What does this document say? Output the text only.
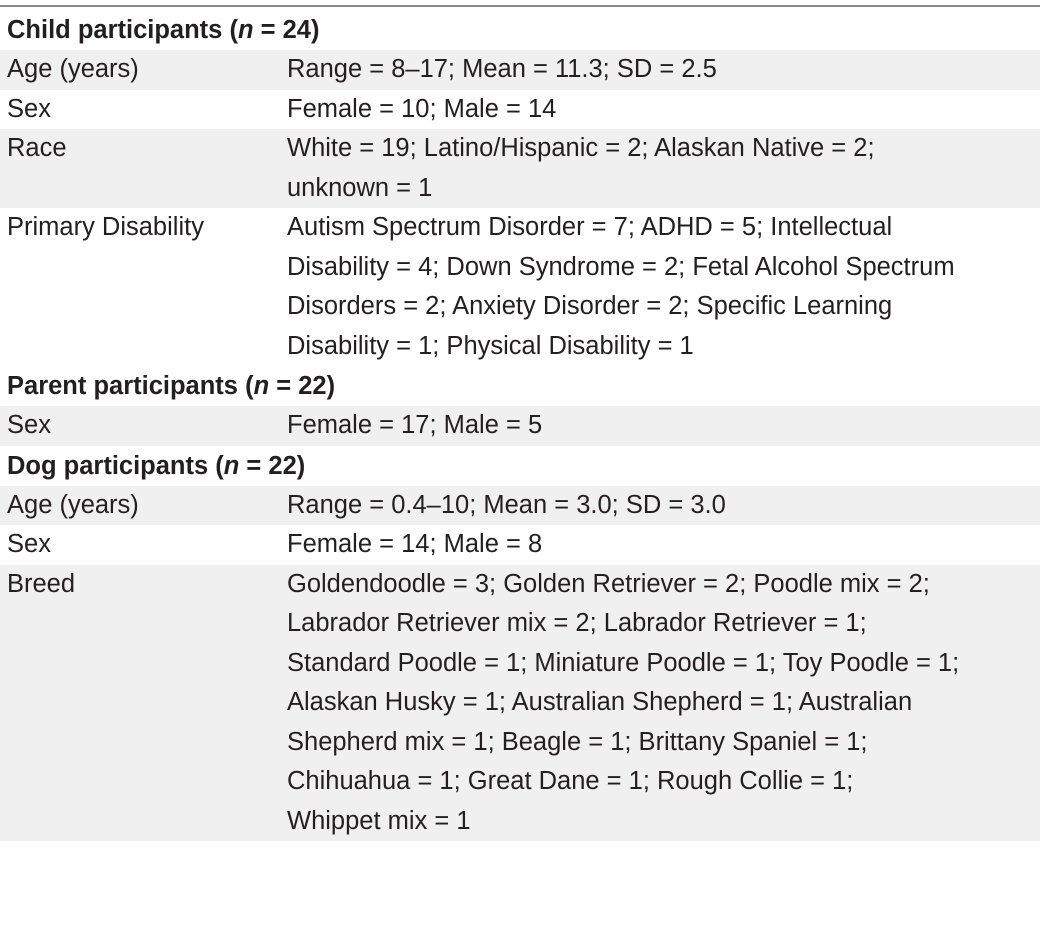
Child participants (n = 24)
Age (years)	Range = 8–17; Mean = 11.3; SD = 2.5
Sex	Female = 10; Male = 14
Race	White = 19; Latino/Hispanic = 2; Alaskan Native = 2;
unknown = 1
Primary Disability	Autism Spectrum Disorder = 7; ADHD = 5; Intellectual
Disability = 4; Down Syndrome = 2; Fetal Alcohol Spectrum
Disorders = 2; Anxiety Disorder = 2; Specific Learning
Disability = 1; Physical Disability = 1
Parent participants (n = 22)
Sex	Female = 17; Male = 5
Dog participants (n = 22)
Age (years)	Range = 0.4–10; Mean = 3.0; SD = 3.0
Sex	Female = 14; Male = 8
Breed	Goldendoodle = 3; Golden Retriever = 2; Poodle mix = 2;
Labrador Retriever mix = 2; Labrador Retriever = 1;
Standard Poodle = 1; Miniature Poodle = 1; Toy Poodle = 1;
Alaskan Husky = 1; Australian Shepherd = 1; Australian
Shepherd mix = 1; Beagle = 1; Brittany Spaniel = 1;
Chihuahua = 1; Great Dane = 1; Rough Collie = 1;
Whippet mix = 1
